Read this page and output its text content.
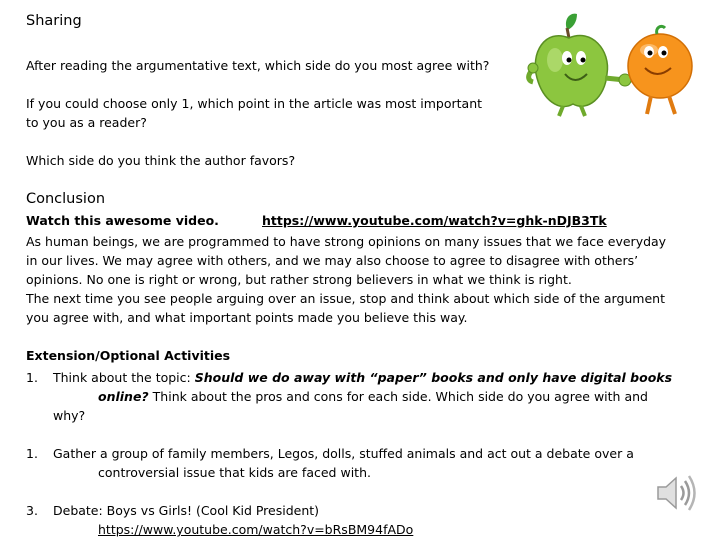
Sharing
After reading the argumentative text, which side do you most agree with?
If you could choose only 1, which point in the article was most important
to you as a reader?
Which side do you think the author favors?
Conclusion
Watch this awesome video.	https://www.youtube.com/watch?v=ghk-nDJB3Tk
As human beings, we are programmed to have strong opinions on many issues that we face everyday
in our lives. We may agree with others, and we may also choose to agree to disagree with others’
opinions. No one is right or wrong, but rather strong believers in what we think is right.
The next time you see people arguing over an issue, stop and think about which side of the argument
you agree with, and what important points made you believe this way.
Extension/Optional Activities
1. Think about the topic: Should we do away with “paper” books and only have digital books
online? Think about the pros and cons for each side. Which side do you agree with and
why?
1. Gather a group of family members, Legos, dolls, stuffed animals and act out a debate over a
controversial issue that kids are faced with.
3. Debate: Boys vs Girls! (Cool Kid President)
https://www.youtube.com/watch?v=bRsBM94fADo
